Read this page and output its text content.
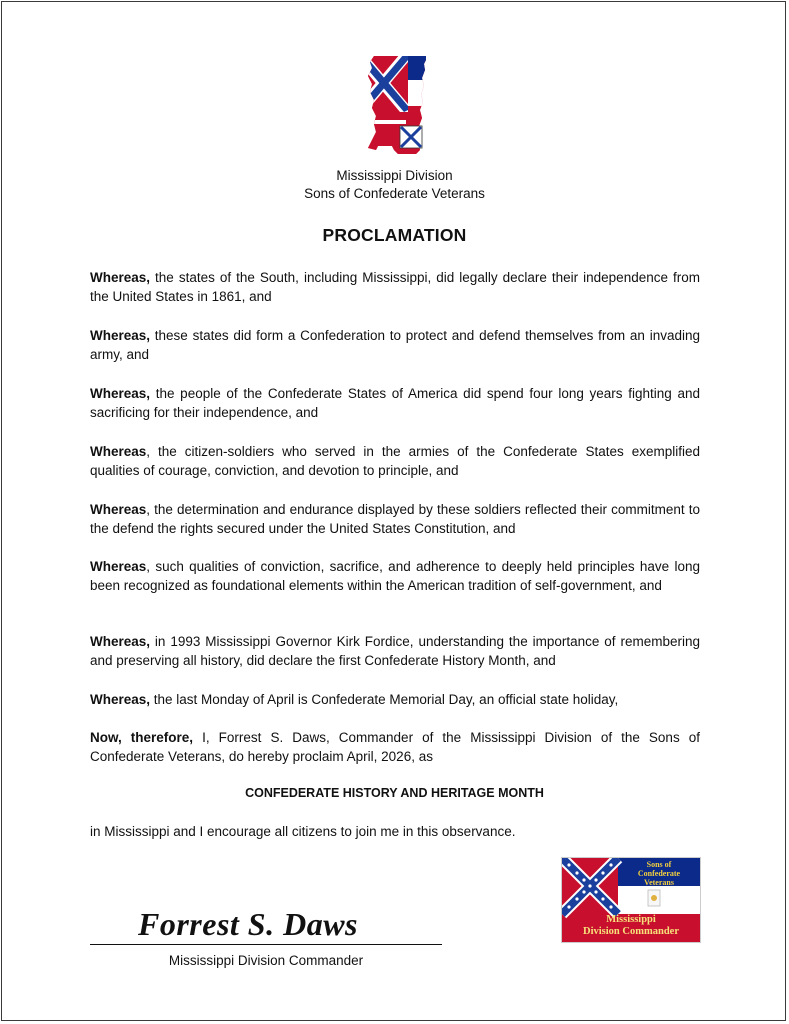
Mississippi Division
Sons of Confederate Veterans
PROCLAMATION
Whereas, the states of the South, including Mississippi, did legally declare their independence from the United States in 1861, and
Whereas, these states did form a Confederation to protect and defend themselves from an invading army, and
Whereas, the people of the Confederate States of America did spend four long years fighting and sacrificing for their independence, and
Whereas, the citizen-soldiers who served in the armies of the Confederate States exemplified qualities of courage, conviction, and devotion to principle, and
Whereas, the determination and endurance displayed by these soldiers reflected their commitment to the defend the rights secured under the United States Constitution, and
Whereas, such qualities of conviction, sacrifice, and adherence to deeply held principles have long been recognized as foundational elements within the American tradition of self-government, and
Whereas, in 1993 Mississippi Governor Kirk Fordice, understanding the importance of remembering and preserving all history, did declare the first Confederate History Month, and
Whereas, the last Monday of April is Confederate Memorial Day, an official state holiday,
Now, therefore, I, Forrest S. Daws, Commander of the Mississippi Division of the Sons of Confederate Veterans, do hereby proclaim April, 2026, as
CONFEDERATE HISTORY AND HERITAGE MONTH
in Mississippi and I encourage all citizens to join me in this observance.
Forrest S. Daws
Mississippi Division Commander
Sons of
Confederate
Veterans
Mississippi
Division Commander
